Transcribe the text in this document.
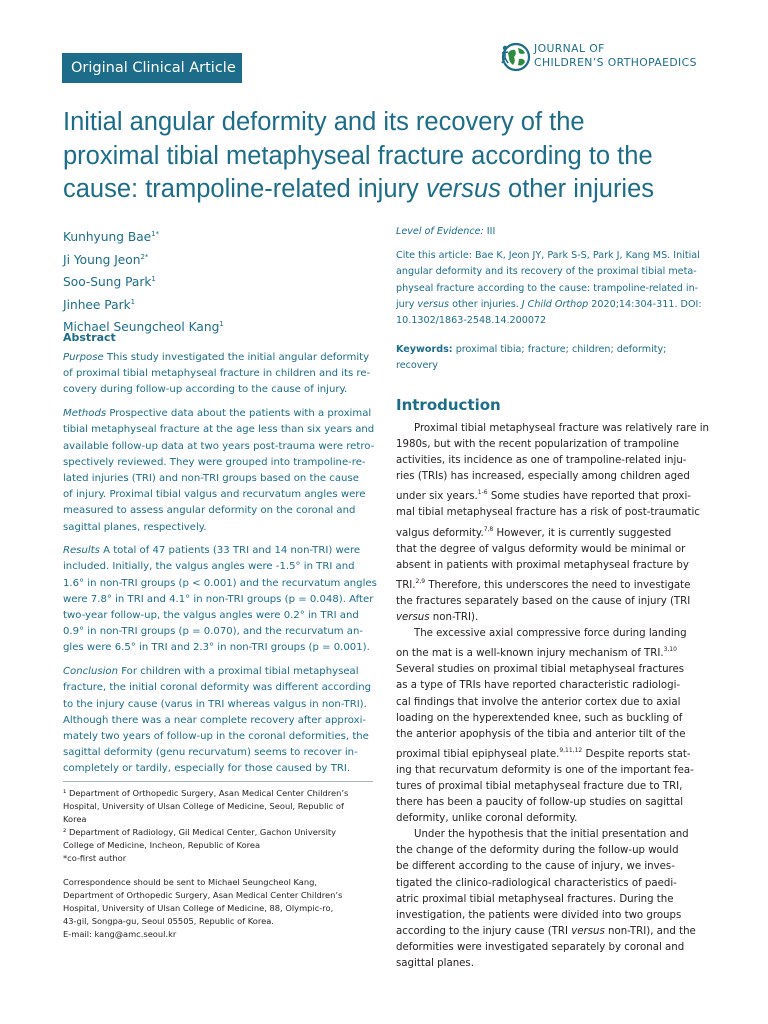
Original Clinical Article
JOURNAL OF
CHILDREN’S ORTHOPAEDICS
Initial angular deformity and its recovery of the
proximal tibial metaphyseal fracture according to the
cause: trampoline-related injury versus other injuries
Kunhyung Bae$^{1*}$
Ji Young Jeon$^{2*}$
Soo-Sung Park$^1$
Jinhee Park$^1$
Michael Seungcheol Kang$^1$
Abstract
Purpose This study investigated the initial angular deformity
of proximal tibial metaphyseal fracture in children and its re-
covery during follow-up according to the cause of injury.
Methods Prospective data about the patients with a proximal
tibial metaphyseal fracture at the age less than six years and
available follow-up data at two years post-trauma were retro-
spectively reviewed. They were grouped into trampoline-re-
lated injuries (TRI) and non-TRI groups based on the cause
of injury. Proximal tibial valgus and recurvatum angles were
measured to assess angular deformity on the coronal and
sagittal planes, respectively.
Results A total of 47 patients (33 TRI and 14 non-TRI) were
included. Initially, the valgus angles were -1.5° in TRI and
1.6° in non-TRI groups (p < 0.001) and the recurvatum angles
were 7.8° in TRI and 4.1° in non-TRI groups (p = 0.048). After
two-year follow-up, the valgus angles were 0.2° in TRI and
0.9° in non-TRI groups (p = 0.070), and the recurvatum an-
gles were 6.5° in TRI and 2.3° in non-TRI groups (p = 0.001).
Conclusion For children with a proximal tibial metaphyseal
fracture, the initial coronal deformity was different according
to the injury cause (varus in TRI whereas valgus in non-TRI).
Although there was a near complete recovery after approxi-
mately two years of follow-up in the coronal deformities, the
sagittal deformity (genu recurvatum) seems to recover in-
completely or tardily, especially for those caused by TRI.
¹ Department of Orthopedic Surgery, Asan Medical Center Children’s
Hospital, University of Ulsan College of Medicine, Seoul, Republic of
Korea
² Department of Radiology, Gil Medical Center, Gachon University
College of Medicine, Incheon, Republic of Korea
*co-first author
Correspondence should be sent to Michael Seungcheol Kang,
Department of Orthopedic Surgery, Asan Medical Center Children’s
Hospital, University of Ulsan College of Medicine, 88, Olympic-ro,
43-gil, Songpa-gu, Seoul 05505, Republic of Korea.
E-mail: kang@amc.seoul.kr
Level of Evidence: III
Cite this article: Bae K, Jeon JY, Park S-S, Park J, Kang MS. Initial
angular deformity and its recovery of the proximal tibial meta-
physeal fracture according to the cause: trampoline-related in-
jury versus other injuries. J Child Orthop 2020;14:304-311. DOI:
10.1302/1863-2548.14.200072
Keywords: proximal tibia; fracture; children; deformity;
recovery
Introduction
Proximal tibial metaphyseal fracture was relatively rare in
1980s, but with the recent popularization of trampoline
activities, its incidence as one of trampoline-related inju-
ries (TRIs) has increased, especially among children aged
under six years.$^{1-6}$ Some studies have reported that proxi-
mal tibial metaphyseal fracture has a risk of post-traumatic
valgus deformity.$^{7,8}$ However, it is currently suggested
that the degree of valgus deformity would be minimal or
absent in patients with proximal metaphyseal fracture by
TRI.$^{2,9}$ Therefore, this underscores the need to investigate
the fractures separately based on the cause of injury (TRI
versus non-TRI).
The excessive axial compressive force during landing
on the mat is a well-known injury mechanism of TRI.$^{3,10}$
Several studies on proximal tibial metaphyseal fractures
as a type of TRIs have reported characteristic radiologi-
cal findings that involve the anterior cortex due to axial
loading on the hyperextended knee, such as buckling of
the anterior apophysis of the tibia and anterior tilt of the
proximal tibial epiphyseal plate.$^{9,11,12}$ Despite reports stat-
ing that recurvatum deformity is one of the important fea-
tures of proximal tibial metaphyseal fracture due to TRI,
there has been a paucity of follow-up studies on sagittal
deformity, unlike coronal deformity.
Under the hypothesis that the initial presentation and
the change of the deformity during the follow-up would
be different according to the cause of injury, we inves-
tigated the clinico-radiological characteristics of paedi-
atric proximal tibial metaphyseal fractures. During the
investigation, the patients were divided into two groups
according to the injury cause (TRI versus non-TRI), and the
deformities were investigated separately by coronal and
sagittal planes.
